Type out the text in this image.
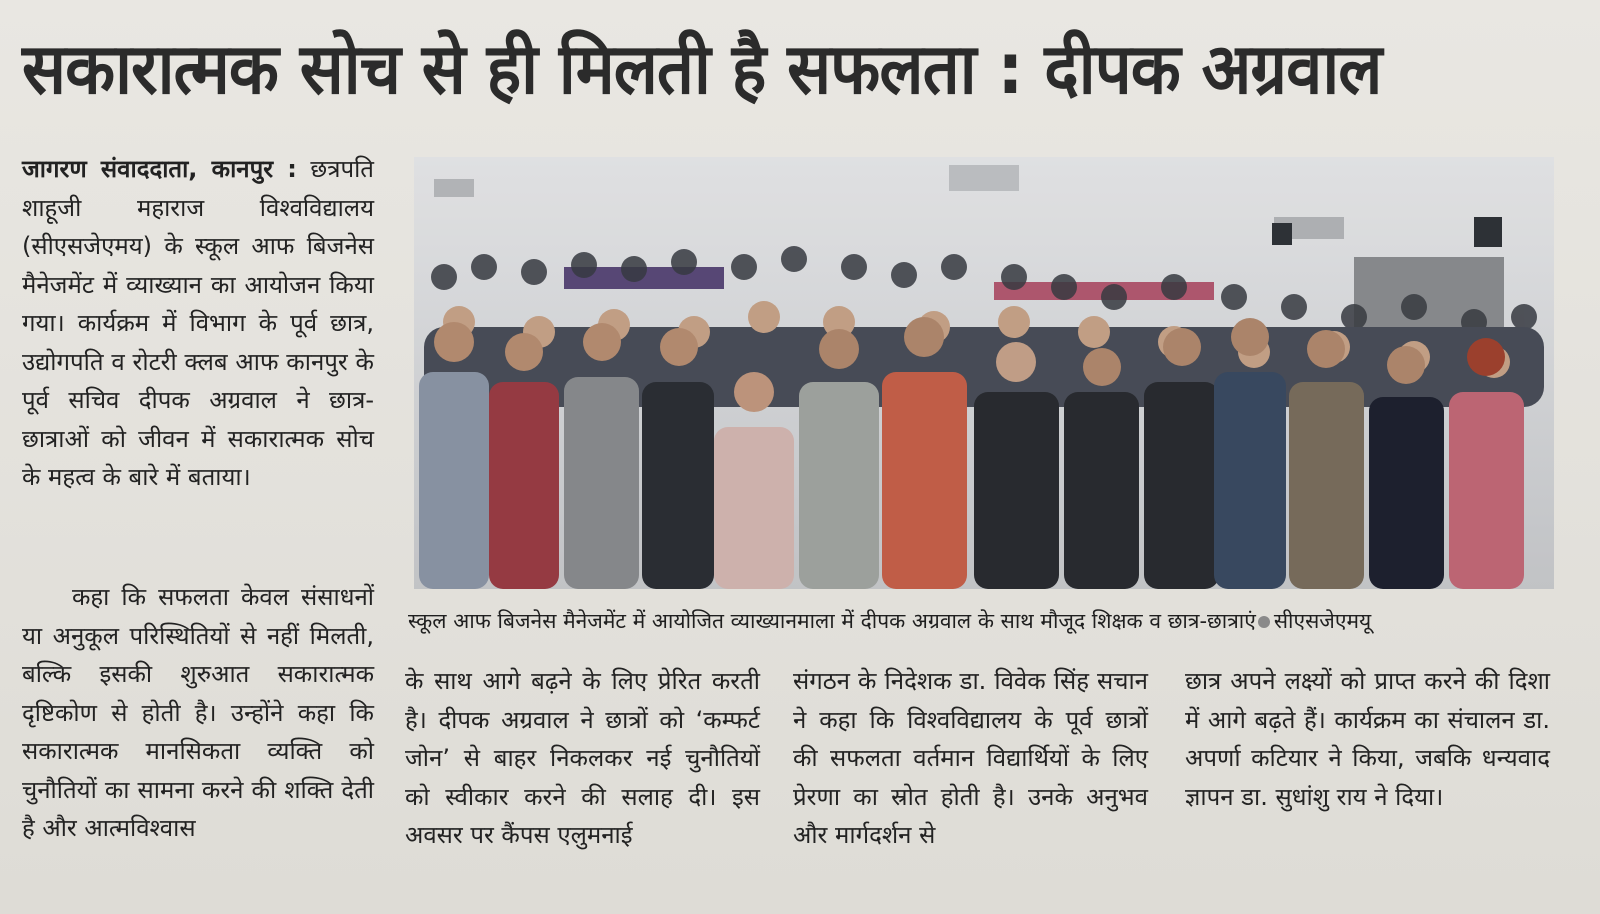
सकारात्मक सोच से ही मिलती है सफलता : दीपक अग्रवाल

जागरण संवाददाता, कानपुर : छत्रपति शाहूजी महाराज विश्वविद्यालय (सीएसजेएमय) के स्कूल आफ बिजनेस मैनेजमेंट में व्याख्यान का आयोजन किया गया। कार्यक्रम में विभाग के पूर्व छात्र, उद्योगपति व रोटरी क्लब आफ कानपुर के पूर्व सचिव दीपक अग्रवाल ने छात्र-छात्राओं को जीवन में सकारात्मक सोच के महत्व के बारे में बताया।

कहा कि सफलता केवल संसाधनों या अनुकूल परिस्थितियों से नहीं मिलती, बल्कि इसकी शुरुआत सकारात्मक दृष्टिकोण से होती है। उन्होंने कहा कि सकारात्मक मानसिकता व्यक्ति को चुनौतियों का सामना करने की शक्ति देती है और आत्मविश्वास

स्कूल आफ बिजनेस मैनेजमेंट में आयोजित व्याख्यानमाला में दीपक अग्रवाल के साथ मौजूद शिक्षक व छात्र-छात्राएं सीएसजेएमयू

के साथ आगे बढ़ने के लिए प्रेरित करती है। दीपक अग्रवाल ने छात्रों को ‘कम्फर्ट जोन’ से बाहर निकलकर नई चुनौतियों को स्वीकार करने की सलाह दी। इस अवसर पर कैंपस एलुमनाई

संगठन के निदेशक डा. विवेक सिंह सचान ने कहा कि विश्वविद्यालय के पूर्व छात्रों की सफलता वर्तमान विद्यार्थियों के लिए प्रेरणा का स्रोत होती है। उनके अनुभव और मार्गदर्शन से

छात्र अपने लक्ष्यों को प्राप्त करने की दिशा में आगे बढ़ते हैं। कार्यक्रम का संचालन डा. अपर्णा कटियार ने किया, जबकि धन्यवाद ज्ञापन डा. सुधांशु राय ने दिया।
